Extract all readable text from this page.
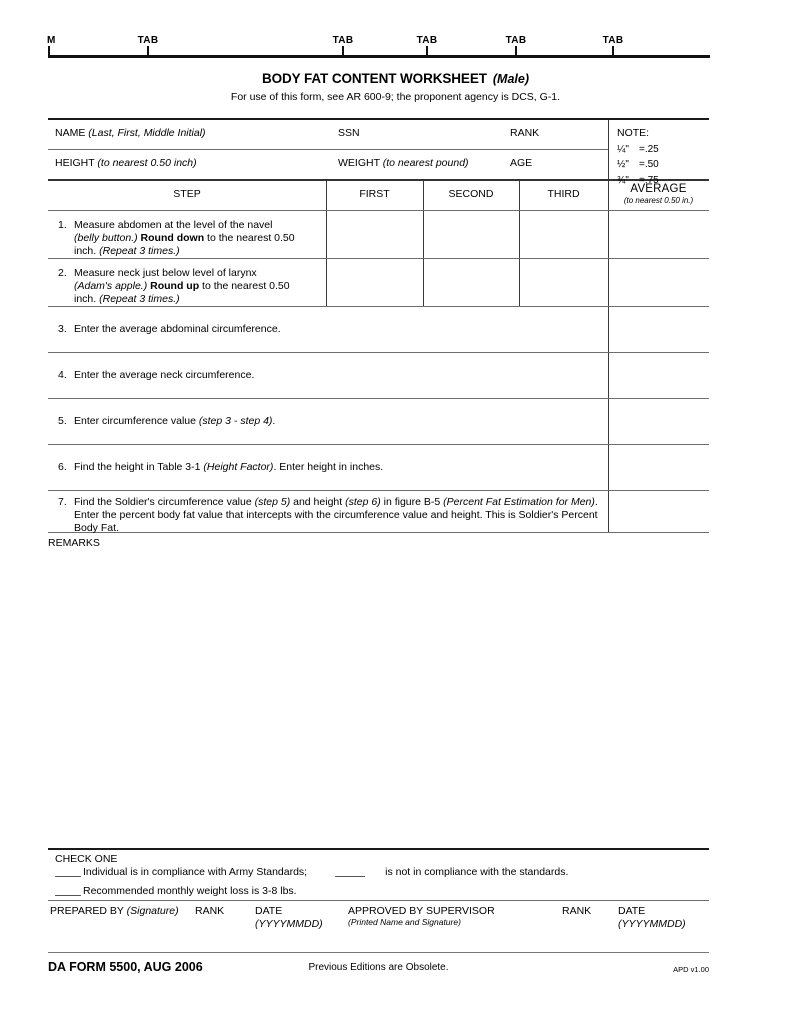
M	TAB	TAB	TAB	TAB	TAB
BODY FAT CONTENT WORKSHEET (Male)
For use of this form, see AR 600-9; the proponent agency is DCS, G-1.
NAME (Last, First, Middle Initial)	SSN	RANK
HEIGHT (to nearest 0.50 inch)	WEIGHT (to nearest pound)	AGE
NOTE:
¼" =.25
½" =.50
¾" =.75
STEP	FIRST	SECOND	THIRD	AVERAGE
(to nearest 0.50 in.)
1. Measure abdomen at the level of the navel
(belly button.) Round down to the nearest 0.50
inch. (Repeat 3 times.)
2. Measure neck just below level of larynx
(Adam's apple.) Round up to the nearest 0.50
inch. (Repeat 3 times.)
3. Enter the average abdominal circumference.
4. Enter the average neck circumference.
5. Enter circumference value (step 3 - step 4).
6. Find the height in Table 3-1 (Height Factor). Enter height in inches.
7. Find the Soldier's circumference value (step 5) and height (step 6) in figure B-5 (Percent Fat Estimation for Men).
Enter the percent body fat value that intercepts with the circumference value and height. This is Soldier's Percent
Body Fat.
REMARKS
CHECK ONE
Individual is in compliance with Army Standards;	is not in compliance with the standards.
Recommended monthly weight loss is 3-8 lbs.
PREPARED BY (Signature) RANK	DATE
(YYYYMMDD)
APPROVED BY SUPERVISOR
(Printed Name and Signature)
RANK	DATE
(YYYYMMDD)
DA FORM 5500, AUG 2006	Previous Editions are Obsolete.	APD v1.00
